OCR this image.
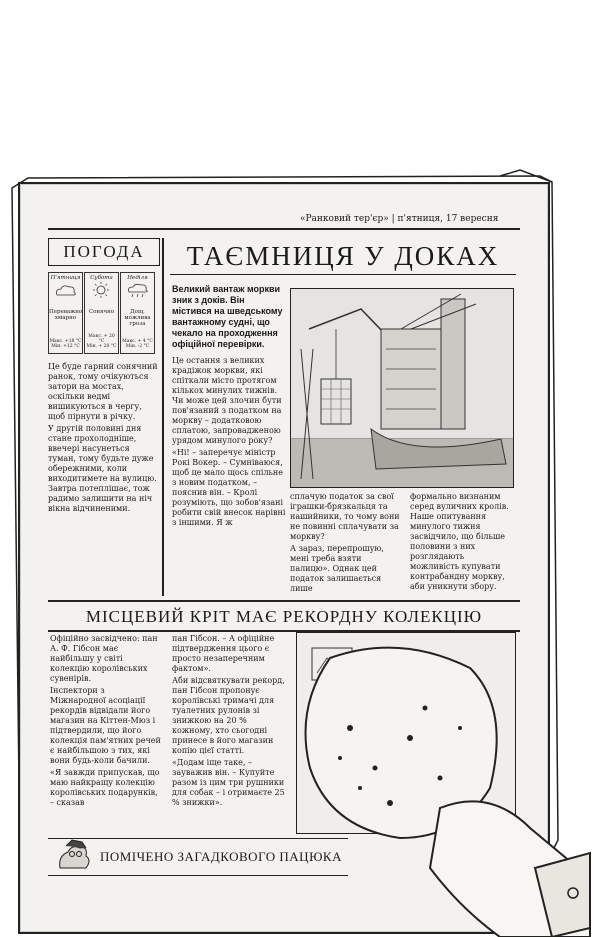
«Ранковий тер'єр» | п'ятниця, 17 вересня
ПОГОДА
П'ятниця
Переважно хмарно
Макс. +18 °С
Мін. +12 °С
Субота
Сонячно
Макс. + 20 °С
Мін. + 20 °С
Неділя
Дощ, можлива гроза
Макс. + 4 °С
Мін. -2 °С

Це буде гарний сонячний ранок, тому очікуються затори на мостах, оскільки ведмі вишикуються в чергу, щоб пірнути в річку.

У другій половині дня стане прохолодніше, ввечері насунеться туман, тому будьте дуже обережними, коли виходитимете на вулицю. Завтра потеплішає, тож радимо залишити на ніч вікна відчиненими.

ТАЄМНИЦЯ У ДОКАХ

Великий вантаж моркви зник з доків. Він містився на шведському вантажному судні, що чекало на проходження офіційної перевірки.

Це остання з великих крадіжок моркви, які спіткали місто протягом кількох минулих тижнів. Чи може цей злочин бути пов'язаний з податком на моркву – додатковою сплатою, запровадженою урядом минулого року?

«Ні! – заперечує міністр Рокі Вокер. – Сумніваюся, щоб це мало щось спільне з новим податком, – пояснив він. – Кролі розуміють, що зобов'язані робити свій внесок нарівні з іншими. Я ж

сплачую податок за свої іграшки-брязкальця та нашийники, то чому вони не повинні сплачувати за моркву?

А зараз, перепрошую, мені треба взяти палицю». Однак цей податок залишається лише

формально визнаним серед вуличних кролів. Наше опитування минулого тижня засвідчило, що більше половини з них розглядають можливість купувати контрабандну моркву, аби уникнути збору.

МІСЦЕВИЙ КРІТ МАЄ РЕКОРДНУ КОЛЕКЦІЮ

Офіційно засвідчено: пан А. Ф. Гібсон має найбільшу у світі колекцію королівських сувенірів.

Інспектори з Міжнародної асоціації рекордів відвідали його магазин на Кіттен-Мюз і підтвердили, що його колекція пам'ятних речей є найбільшою з тих, які вони будь-коли бачили.

«Я завжди припускав, що маю найкращу колекцію королівських подарунків, – сказав

пан Гібсон. – А офіційне підтвердження цього є просто незаперечним фактом».

Аби відсвяткувати рекорд, пан Гібсон пропонує королівські тримачі для туалетних рулонів зі знижкою на 20 % кожному, хто сьогодні принесе в його магазин копію цієї статті.

«Додам іще таке, – зауважив він. – Купуйте разом із цим три рушники для собак – і отримаєте 25 % знижки».

ПОМІЧЕНО ЗАГАДКОВОГО ПАЦЮКА
